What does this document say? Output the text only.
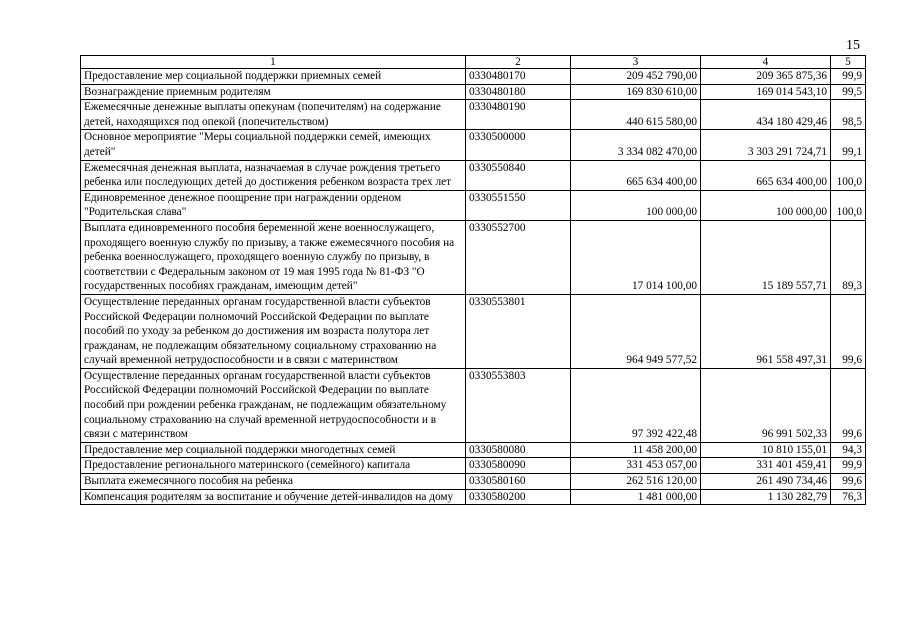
15
1	2	3	4	5
Предоставление мер социальной поддержки приемных семей	0330480170	209 452 790,00	209 365 875,36	99,9
Вознаграждение приемным родителям	0330480180	169 830 610,00	169 014 543,10	99,5
Ежемесячные денежные выплаты опекунам (попечителям) на содержание детей, находящихся под опекой (попечительством)	0330480190	440 615 580,00	434 180 429,46	98,5
Основное мероприятие "Меры социальной поддержки семей, имеющих детей"	0330500000	3 334 082 470,00	3 303 291 724,71	99,1
Ежемесячная денежная выплата, назначаемая в случае рождения третьего ребенка или последующих детей до достижения ребенком возраста трех лет	0330550840	665 634 400,00	665 634 400,00	100,0
Единовременное денежное поощрение при награждении орденом "Родительская слава"	0330551550	100 000,00	100 000,00	100,0
Выплата единовременного пособия беременной жене военнослужащего, проходящего военную службу по призыву, а также ежемесячного пособия на ребенка военнослужащего, проходящего военную службу по призыву, в соответствии с Федеральным законом от 19 мая 1995 года № 81-ФЗ "О государственных пособиях гражданам, имеющим детей"	0330552700	17 014 100,00	15 189 557,71	89,3
Осуществление переданных органам государственной власти субъектов Российской Федерации полномочий Российской Федерации по выплате пособий по уходу за ребенком до достижения им возраста полутора лет гражданам, не подлежащим обязательному социальному страхованию на случай временной нетрудоспособности и в связи с материнством	0330553801	964 949 577,52	961 558 497,31	99,6
Осуществление переданных органам государственной власти субъектов Российской Федерации полномочий Российской Федерации по выплате пособий при рождении ребенка гражданам, не подлежащим обязательному социальному страхованию на случай временной нетрудоспособности и в связи с материнством	0330553803	97 392 422,48	96 991 502,33	99,6
Предоставление мер социальной поддержки многодетных семей	0330580080	11 458 200,00	10 810 155,01	94,3
Предоставление регионального материнского (семейного) капитала	0330580090	331 453 057,00	331 401 459,41	99,9
Выплата ежемесячного пособия на ребенка	0330580160	262 516 120,00	261 490 734,46	99,6
Компенсация родителям за воспитание и обучение детей-инвалидов на дому	0330580200	1 481 000,00	1 130 282,79	76,3
